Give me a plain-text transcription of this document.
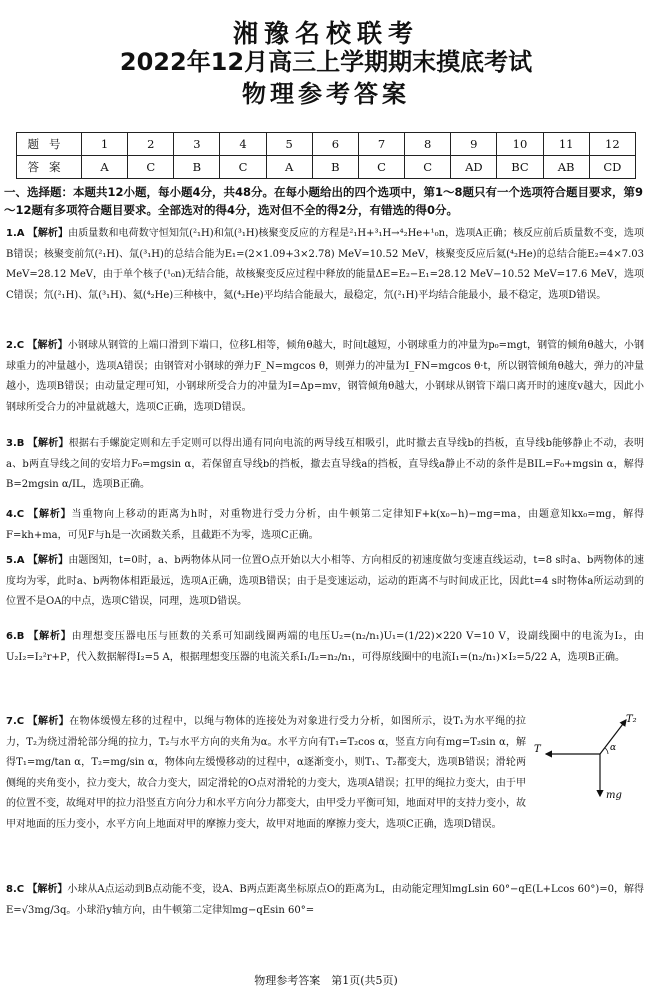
湘豫名校联考
2022年12月高三上学期期末摸底考试
物理参考答案
题号	1	2	3	4	5	6	7	8	9	10	11	12
答案	A	C	B	C	A	B	C	C	AD	BC	AB	CD
一、选择题：本题共12小题，每小题4分，共48分。在每小题给出的四个选项中，第1～8题只有一个选项符合题目要求，第9～12题有多项符合题目要求。全部选对的得4分，选对但不全的得2分，有错选的得0分。
1.A 【解析】由质量数和电荷数守恒知氘(²₁H)和氚(³₁H)核聚变反应的方程是²₁H+³₁H→⁴₂He+¹₀n，选项A正确；核反应前后质量数不变，选项B错误；核聚变前氘(²₁H)、氚(³₁H)的总结合能为E₁=(2×1.09+3×2.78) MeV=10.52 MeV，核聚变反应后氦(⁴₂He)的总结合能E₂=4×7.03 MeV=28.12 MeV，由于单个核子(¹₀n)无结合能，故核聚变反应过程中释放的能量ΔE=E₂−E₁=28.12 MeV−10.52 MeV=17.6 MeV，选项C错误；氘(²₁H)、氚(³₁H)、氦(⁴₂He)三种核中，氦(⁴₂He)平均结合能最大，最稳定，氘(²₁H)平均结合能最小，最不稳定，选项D错误。
2.C 【解析】小钢球从钢管的上端口滑到下端口，位移L相等，倾角θ越大，时间t越短，小钢球重力的冲量为p₀=mgt，钢管的倾角θ越大，小钢球重力的冲量越小，选项A错误；由钢管对小钢球的弹力F_N=mgcos θ，则弹力的冲量为I_FN=mgcos θ·t，所以钢管倾角θ越大，弹力的冲量越小，选项B错误；由动量定理可知，小钢球所受合力的冲量为I=Δp=mv，钢管倾角θ越大，小钢球从钢管下端口离开时的速度v越大，因此小钢球所受合力的冲量就越大，选项C正确，选项D错误。
3.B 【解析】根据右手螺旋定则和左手定则可以得出通有同向电流的两导线互相吸引，此时撤去直导线b的挡板，直导线b能够静止不动，表明a、b两直导线之间的安培力F₀=mgsin α，若保留直导线b的挡板，撤去直导线a的挡板，直导线a静止不动的条件是BIL=F₀+mgsin α，解得B=2mgsin α/IL，选项B正确。
4.C 【解析】当重物向上移动的距离为h时，对重物进行受力分析，由牛顿第二定律知F+k(x₀−h)−mg=ma，由题意知kx₀=mg，解得F=kh+ma，可见F与h是一次函数关系，且截距不为零，选项C正确。
5.A 【解析】由题图知，t=0时，a、b两物体从同一位置O点开始以大小相等、方向相反的初速度做匀变速直线运动，t=8 s时a、b两物体的速度均为零，此时a、b两物体相距最远，选项A正确，选项B错误；由于是变速运动，运动的距离不与时间成正比，因此t=4 s时物体a所运动到的位置不是OA的中点，选项C错误，同理，选项D错误。
6.B 【解析】由理想变压器电压与匝数的关系可知副线圈两端的电压U₂=(n₂/n₁)U₁=(1/22)×220 V=10 V，设副线圈中的电流为I₂，由U₂I₂=I₂²r+P，代入数据解得I₂=5 A，根据理想变压器的电流关系I₁/I₂=n₂/n₁，可得原线圈中的电流I₁=(n₂/n₁)×I₂=5/22 A，选项B正确。
7.C 【解析】在物体缓慢左移的过程中，以绳与物体的连接处为对象进行受力分析，如图所示，设T₁为水平绳的拉力，T₂为绕过滑轮部分绳的拉力，T₂与水平方向的夹角为α。水平方向有T₁=T₂cos α，竖直方向有mg=T₂sin α，解得T₁=mg/tan α，T₂=mg/sin α，物体向左缓慢移动的过程中，α逐渐变小，则T₁、T₂都变大，选项B错误；滑轮两侧绳的夹角变小，拉力变大，故合力变大，固定滑轮的O点对滑轮的力变大，选项A错误；扛甲的绳拉力变大，由于甲的位置不变，故绳对甲的拉力沿竖直方向分力和水平方向分力都变大，由甲受力平衡可知，地面对甲的支持力变小，故甲对地面的压力变小，水平方向上地面对甲的摩擦力变大，故甲对地面的摩擦力变大，选项C正确，选项D错误。
8.C 【解析】小球从A点运动到B点动能不变，设A、B两点距离坐标原点O的距离为L，由动能定理知mgLsin 60°−qE(L+Lcos 60°)=0，解得E=√3mg/3q。小球沿y轴方向，由牛顿第二定律知mg−qEsin 60°=
T
T₂
α
mg
物理参考答案　第1页(共5页)
